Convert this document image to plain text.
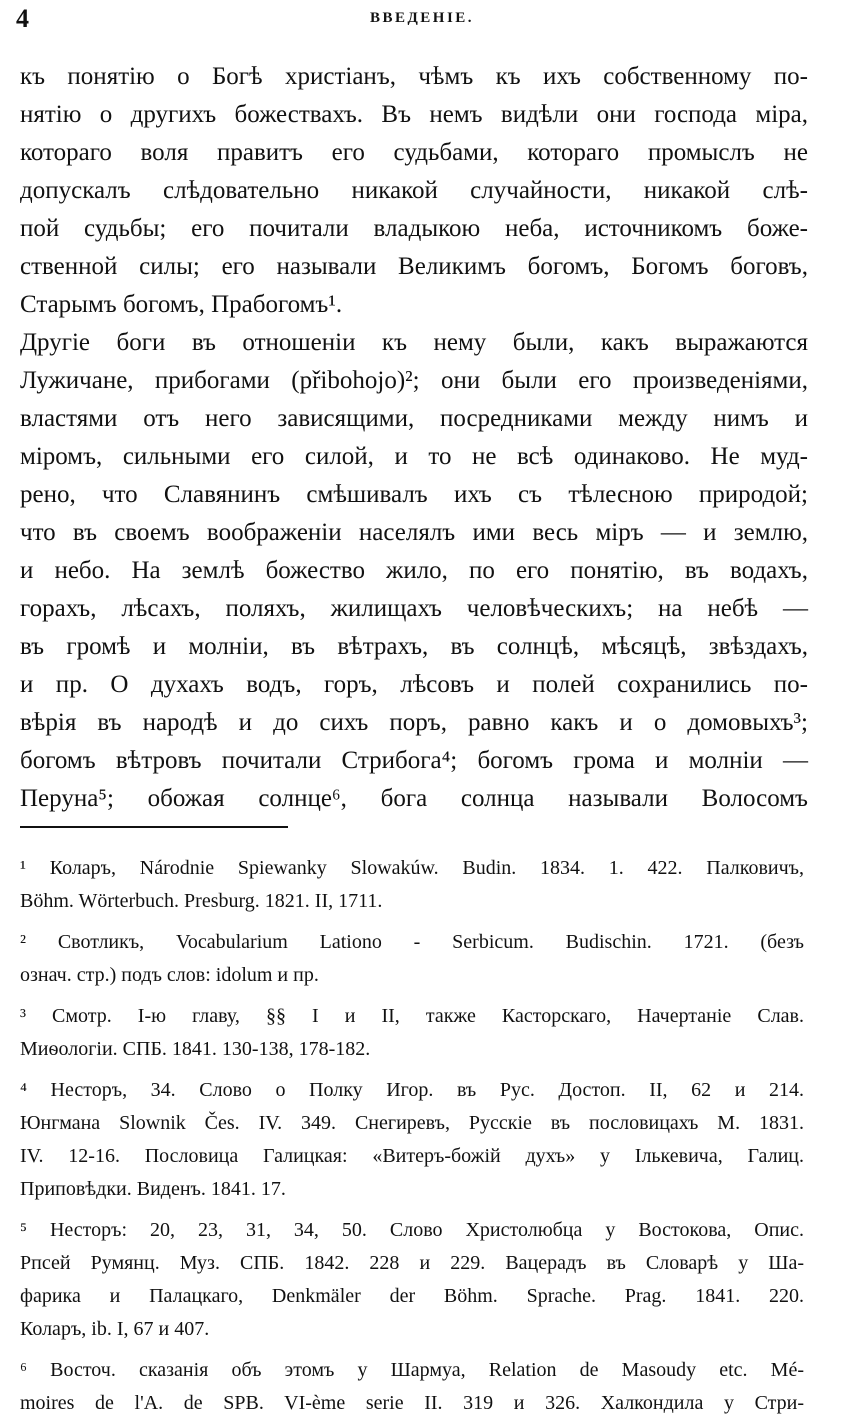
4	ВВЕДЕНІЕ.
къ понятію о Богѣ христіанъ, чѣмъ къ ихъ собственному по-
нятію о другихъ божествахъ. Въ немъ видѣли они господа міра,
котораго воля правитъ его судьбами, котораго промыслъ не
допускалъ слѣдовательно никакой случайности, никакой слѣ-
пой судьбы; его почитали владыкою неба, источникомъ боже-
ственной силы; его называли Великимъ богомъ, Богомъ боговъ,
Старымъ богомъ, Прабогомъ¹.
Другіе боги въ отношеніи къ нему были, какъ выражаются
Лужичане, прибогами (přibohojo)²; они были его произведеніями,
властями отъ него зависящими, посредниками между нимъ и
міромъ, сильными его силой, и то не всѣ одинаково. Не муд-
рено, что Славянинъ смѣшивалъ ихъ съ тѣлесною природой;
что въ своемъ воображеніи населялъ ими весь міръ — и землю,
и небо. На землѣ божество жило, по его понятію, въ водахъ,
горахъ, лѣсахъ, поляхъ, жилищахъ человѣческихъ; на небѣ —
въ громѣ и молніи, въ вѣтрахъ, въ солнцѣ, мѣсяцѣ, звѣздахъ,
и пр. О духахъ водъ, горъ, лѣсовъ и полей сохранились по-
вѣрія въ народѣ и до сихъ поръ, равно какъ и о домовыхъ³;
богомъ вѣтровъ почитали Стрибога⁴; богомъ грома и молніи —
Перуна⁵; обожая солнце⁶, бога солнца называли Волосомъ
¹ Коларъ, Národnie Spiewanky Slowakúw. Budin. 1834. 1. 422. Палковичъ,
Böhm. Wörterbuch. Presburg. 1821. II, 1711.
² Свотликъ, Vocabularium Lationo - Serbicum. Budischin. 1721. (безъ
означ. стр.) подъ слов: idolum и пр.
³ Смотр. I-ю главу, §§ I и II, также Касторскаго, Начертаніе Слав.
Миѳологіи. СПБ. 1841. 130-138, 178-182.
⁴ Несторъ, 34. Слово о Полку Игор. въ Рус. Достоп. II, 62 и 214.
Юнгмана Slownik Čes. IV. 349. Снегиревъ, Русскіе въ пословицахъ М. 1831.
IV. 12-16. Пословица Галицкая: «Витеръ-божій духъ» у Ількевича, Галиц.
Приповѣдки. Виденъ. 1841. 17.
⁵ Несторъ: 20, 23, 31, 34, 50. Слово Христолюбца у Востокова, Опис.
Рпсей Румянц. Муз. СПБ. 1842. 228 и 229. Вацерадъ въ Словарѣ у Ша-
фарика и Палацкаго, Denkmäler der Böhm. Sprache. Prag. 1841. 220.
Коларъ, ib. I, 67 и 407.
⁶ Восточ. сказанія объ этомъ у Шармуа, Relation de Masoudy etc. Mé-
moires de l'A. de SPB. VI-ème serie II. 319 и 326. Халкондила у Стри-
